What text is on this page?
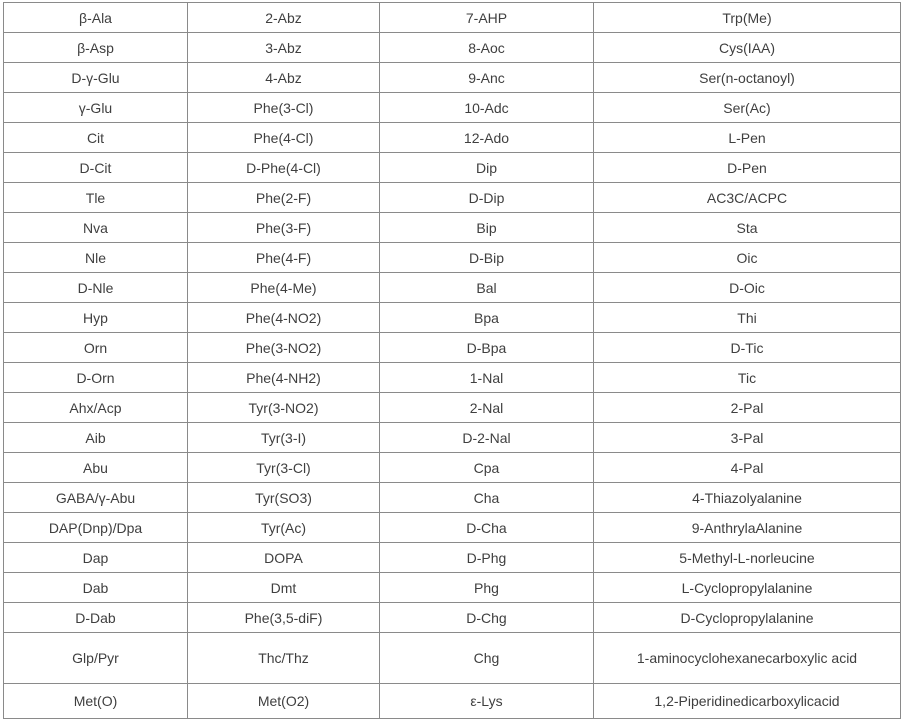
β-Ala	2-Abz	7-AHP	Trp(Me)
β-Asp	3-Abz	8-Aoc	Cys(IAA)
D-γ-Glu	4-Abz	9-Anc	Ser(n-octanoyl)
γ-Glu	Phe(3-Cl)	10-Adc	Ser(Ac)
Cit	Phe(4-Cl)	12-Ado	L-Pen
D-Cit	D-Phe(4-Cl)	Dip	D-Pen
Tle	Phe(2-F)	D-Dip	AC3C/ACPC
Nva	Phe(3-F)	Bip	Sta
Nle	Phe(4-F)	D-Bip	Oic
D-Nle	Phe(4-Me)	Bal	D-Oic
Hyp	Phe(4-NO2)	Bpa	Thi
Orn	Phe(3-NO2)	D-Bpa	D-Tic
D-Orn	Phe(4-NH2)	1-Nal	Tic
Ahx/Acp	Tyr(3-NO2)	2-Nal	2-Pal
Aib	Tyr(3-I)	D-2-Nal	3-Pal
Abu	Tyr(3-Cl)	Cpa	4-Pal
GABA/γ-Abu	Tyr(SO3)	Cha	4-Thiazolyalanine
DAP(Dnp)/Dpa	Tyr(Ac)	D-Cha	9-AnthrylaAlanine
Dap	DOPA	D-Phg	5-Methyl-L-norleucine
Dab	Dmt	Phg	L-Cyclopropylalanine
D-Dab	Phe(3,5-diF)	D-Chg	D-Cyclopropylalanine
Glp/Pyr	Thc/Thz	Chg	1-aminocyclohexanecarboxylic acid
Met(O)	Met(O2)	ε-Lys	1,2-Piperidinedicarboxylicacid
